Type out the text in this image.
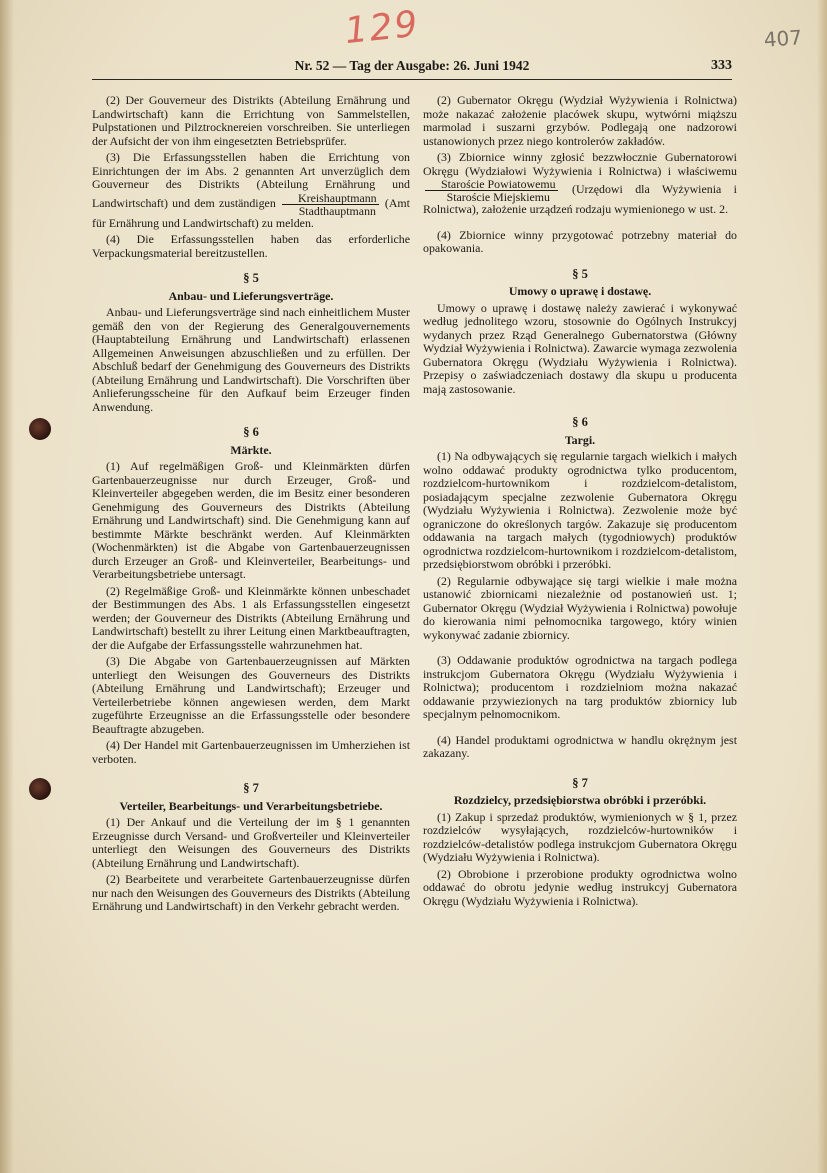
129	407
Nr. 52 — Tag der Ausgabe: 26. Juni 1942	333

(2) Der Gouverneur des Distrikts (Abteilung Ernährung und Landwirtschaft) kann die Errichtung von Sammelstellen, Pulpstationen und Pilztrocknereien vorschreiben. Sie unterliegen der Aufsicht der von ihm eingesetzten Betriebsprüfer.

(3) Die Erfassungsstellen haben die Errichtung von Einrichtungen der im Abs. 2 genannten Art unverzüglich dem Gouverneur des Distrikts (Abteilung Ernährung und Landwirtschaft) und dem zuständigen $\frac{\text{Kreishauptmann}}{\text{Stadthauptmann}} (Amt$ für Ernährung und Landwirtschaft) zu melden.

(4) Die Erfassungsstellen haben das erforderliche Verpackungsmaterial bereitzustellen.

§ 5
Anbau- und Lieferungsverträge.

Anbau- und Lieferungsverträge sind nach einheitlichem Muster gemäß den von der Regierung des Generalgouvernements (Hauptabteilung Ernährung und Landwirtschaft) erlassenen Allgemeinen Anweisungen abzuschließen und zu erfüllen. Der Abschluß bedarf der Genehmigung des Gouverneurs des Distrikts (Abteilung Ernährung und Landwirtschaft). Die Vorschriften über Anlieferungsscheine für den Aufkauf beim Erzeuger finden Anwendung.

§ 6
Märkte.

(1) Auf regelmäßigen Groß- und Kleinmärkten dürfen Gartenbauerzeugnisse nur durch Erzeuger, Groß- und Kleinverteiler abgegeben werden, die im Besitz einer besonderen Genehmigung des Gouverneurs des Distrikts (Abteilung Ernährung und Landwirtschaft) sind. Die Genehmigung kann auf bestimmte Märkte beschränkt werden. Auf Kleinmärkten (Wochenmärkten) ist die Abgabe von Gartenbauerzeugnissen durch Erzeuger an Groß- und Kleinverteiler, Bearbeitungs- und Verarbeitungsbetriebe untersagt.

(2) Regelmäßige Groß- und Kleinmärkte können unbeschadet der Bestimmungen des Abs. 1 als Erfassungsstellen eingesetzt werden; der Gouverneur des Distrikts (Abteilung Ernährung und Landwirtschaft) bestellt zu ihrer Leitung einen Marktbeauftragten, der die Aufgabe der Erfassungsstelle wahrzunehmen hat.

(3) Die Abgabe von Gartenbauerzeugnissen auf Märkten unterliegt den Weisungen des Gouverneurs des Distrikts (Abteilung Ernährung und Landwirtschaft); Erzeuger und Verteilerbetriebe können angewiesen werden, dem Markt zugeführte Erzeugnisse an die Erfassungsstelle oder besondere Beauftragte abzugeben.

(4) Der Handel mit Gartenbauerzeugnissen im Umherziehen ist verboten.

§ 7
Verteiler, Bearbeitungs- und Verarbeitungsbetriebe.

(1) Der Ankauf und die Verteilung der im § 1 genannten Erzeugnisse durch Versand- und Großverteiler und Kleinverteiler unterliegt den Weisungen des Gouverneurs des Distrikts (Abteilung Ernährung und Landwirtschaft).

(2) Bearbeitete und verarbeitete Gartenbauerzeugnisse dürfen nur nach den Weisungen des Gouverneurs des Distrikts (Abteilung Ernährung und Landwirtschaft) in den Verkehr gebracht werden.

(2) Gubernator Okręgu (Wydział Wyżywienia i Rolnictwa) może nakazać założenie placówek skupu, wytwórni miąższu marmolad i suszarni grzybów. Podlegają one nadzorowi ustanowionych przez niego kontrolerów zakładów.

(3) Zbiornice winny zgłosić bezzwłocznie Gubernatorowi Okręgu (Wydziałowi Wyżywienia i Rolnictwa) i właściwemu
$\frac{\text{Staroście Powiatowemu}}{\text{Staroście Miejskiemu}}$ (Urzędowi dla Wyżywienia i Rolnictwa), założenie urządzeń rodzaju wymienionego w ust. 2.

(4) Zbiornice winny przygotować potrzebny materiał do opakowania.

§ 5
Umowy o uprawę i dostawę.

Umowy o uprawę i dostawę należy zawierać i wykonywać według jednolitego wzoru, stosownie do Ogólnych Instrukcyj wydanych przez Rząd Generalnego Gubernatorstwa (Główny Wydział Wyżywienia i Rolnictwa). Zawarcie wymaga zezwolenia Gubernatora Okręgu (Wydziału Wyżywienia i Rolnictwa). Przepisy o zaświadczeniach dostawy dla skupu u producenta mają zastosowanie.

§ 6
Targi.

(1) Na odbywających się regularnie targach wielkich i małych wolno oddawać produkty ogrodnictwa tylko producentom, rozdzielcom-hurtownikom i rozdzielcom-detalistom, posiadającym specjalne zezwolenie Gubernatora Okręgu (Wydziału Wyżywienia i Rolnictwa). Zezwolenie może być ograniczone do określonych targów. Zakazuje się producentom oddawania na targach małych (tygodniowych) produktów ogrodnictwa rozdzielcom-hurtownikom i rozdzielcom-detalistom, przedsiębiorstwom obróbki i przeróbki.

(2) Regularnie odbywające się targi wielkie i małe można ustanowić zbiornicami niezależnie od postanowień ust. 1; Gubernator Okręgu (Wydział Wyżywienia i Rolnictwa) powołuje do kierowania nimi pełnomocnika targowego, który winien wykonywać zadanie zbiornicy.

(3) Oddawanie produktów ogrodnictwa na targach podlega instrukcjom Gubernatora Okręgu (Wydziału Wyżywienia i Rolnictwa); producentom i rozdzielniom można nakazać oddawanie przywiezionych na targ produktów zbiornicy lub specjalnym pełnomocnikom.

(4) Handel produktami ogrodnictwa w handlu okrężnym jest zakazany.

§ 7
Rozdzielcy, przedsiębiorstwa obróbki i przeróbki.

(1) Zakup i sprzedaż produktów, wymienionych w § 1, przez rozdzielców wysyłających, rozdzielców-hurtowników i rozdzielców-detalistów podlega instrukcjom Gubernatora Okręgu (Wydziału Wyżywienia i Rolnictwa).

(2) Obrobione i przerobione produkty ogrodnictwa wolno oddawać do obrotu jedynie według instrukcyj Gubernatora Okręgu (Wydziału Wyżywienia i Rolnictwa).
